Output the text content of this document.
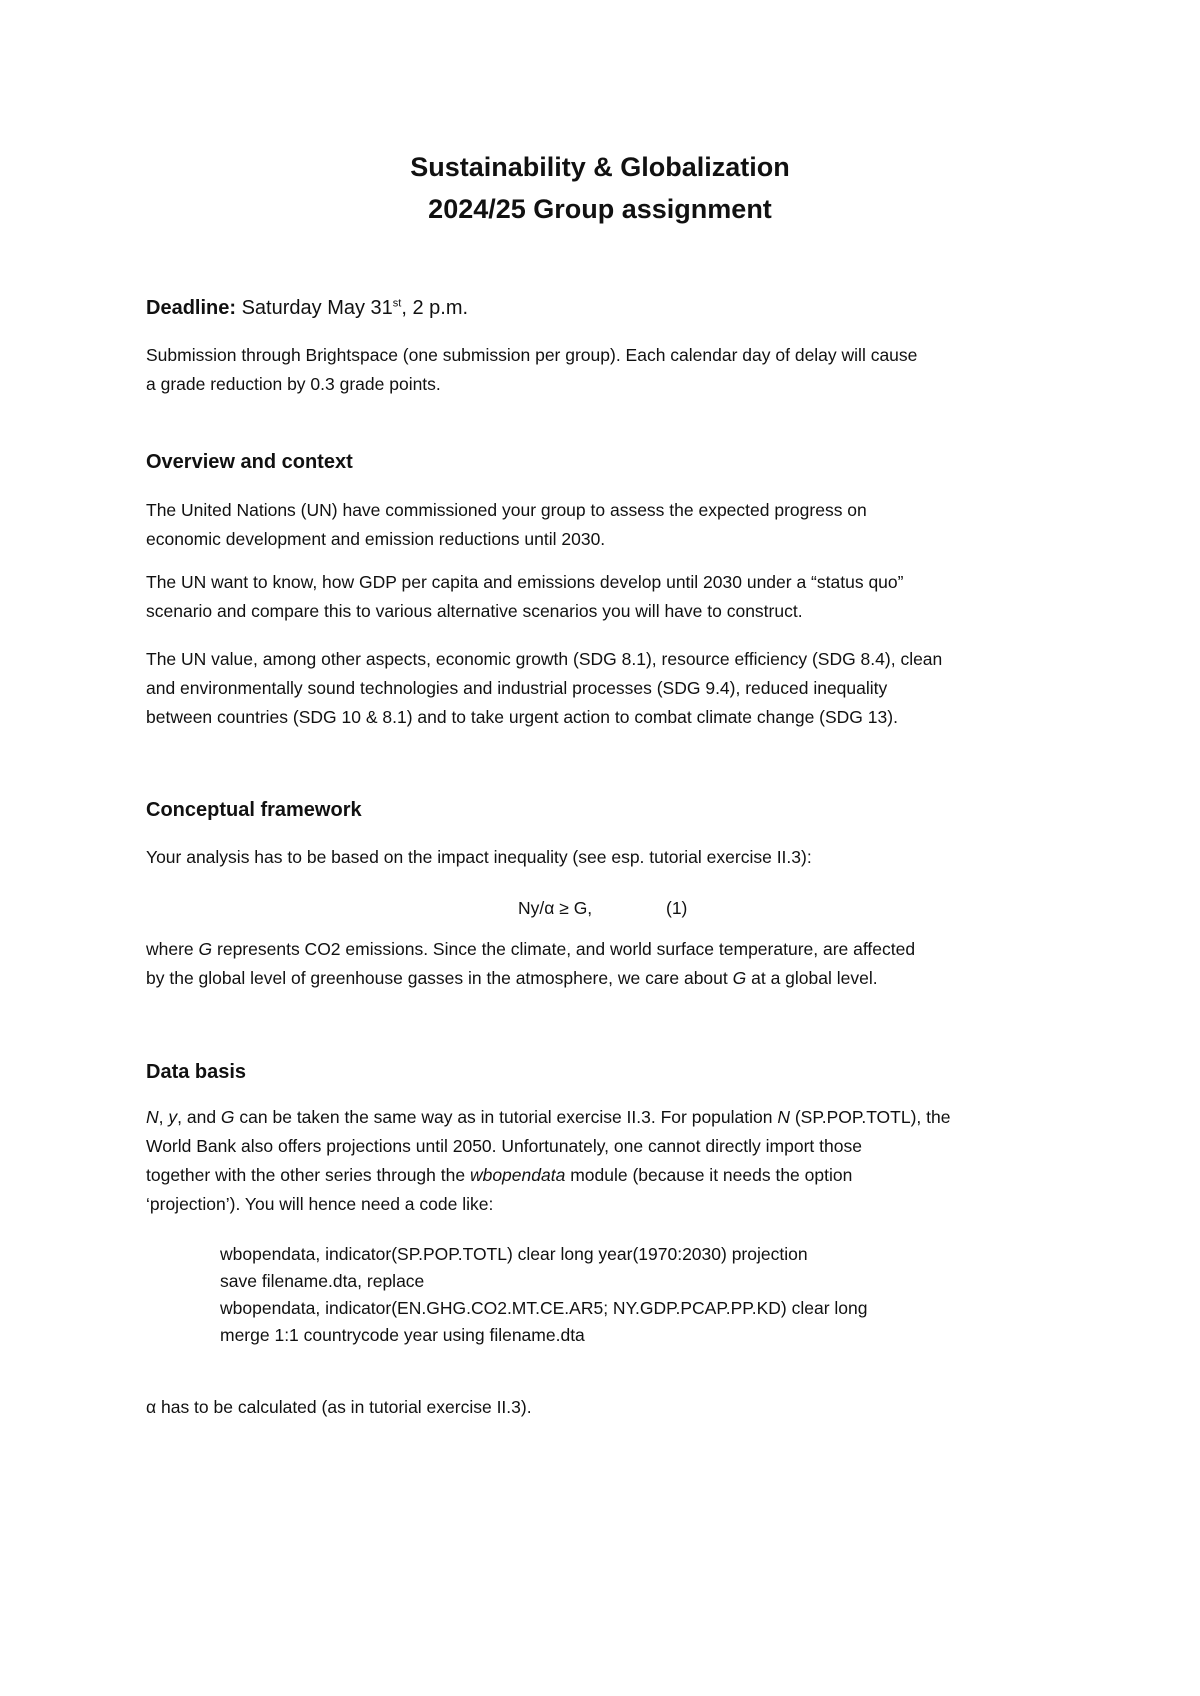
Sustainability & Globalization
2024/25 Group assignment
Deadline: Saturday May 31st, 2 p.m.

Submission through Brightspace (one submission per group). Each calendar day of delay will cause

a grade reduction by 0.3 grade points.

Overview and context

The United Nations (UN) have commissioned your group to assess the expected progress on

economic development and emission reductions until 2030.

The UN want to know, how GDP per capita and emissions develop until 2030 under a “status quo”

scenario and compare this to various alternative scenarios you will have to construct.

The UN value, among other aspects, economic growth (SDG 8.1), resource efficiency (SDG 8.4), clean

and environmentally sound technologies and industrial processes (SDG 9.4), reduced inequality

between countries (SDG 10 & 8.1) and to take urgent action to combat climate change (SDG 13).

Conceptual framework

Your analysis has to be based on the impact inequality (see esp. tutorial exercise II.3):

Ny/α ≥ G,	(1)

where G represents CO2 emissions. Since the climate, and world surface temperature, are affected

by the global level of greenhouse gasses in the atmosphere, we care about G at a global level.

Data basis

N, y, and G can be taken the same way as in tutorial exercise II.3. For population N (SP.POP.TOTL), the

World Bank also offers projections until 2050. Unfortunately, one cannot directly import those

together with the other series through the wbopendata module (because it needs the option

‘projection’). You will hence need a code like:

wbopendata, indicator(SP.POP.TOTL) clear long year(1970:2030) projection
save filename.dta, replace
wbopendata, indicator(EN.GHG.CO2.MT.CE.AR5; NY.GDP.PCAP.PP.KD) clear long
merge 1:1 countrycode year using filename.dta

α has to be calculated (as in tutorial exercise II.3).
